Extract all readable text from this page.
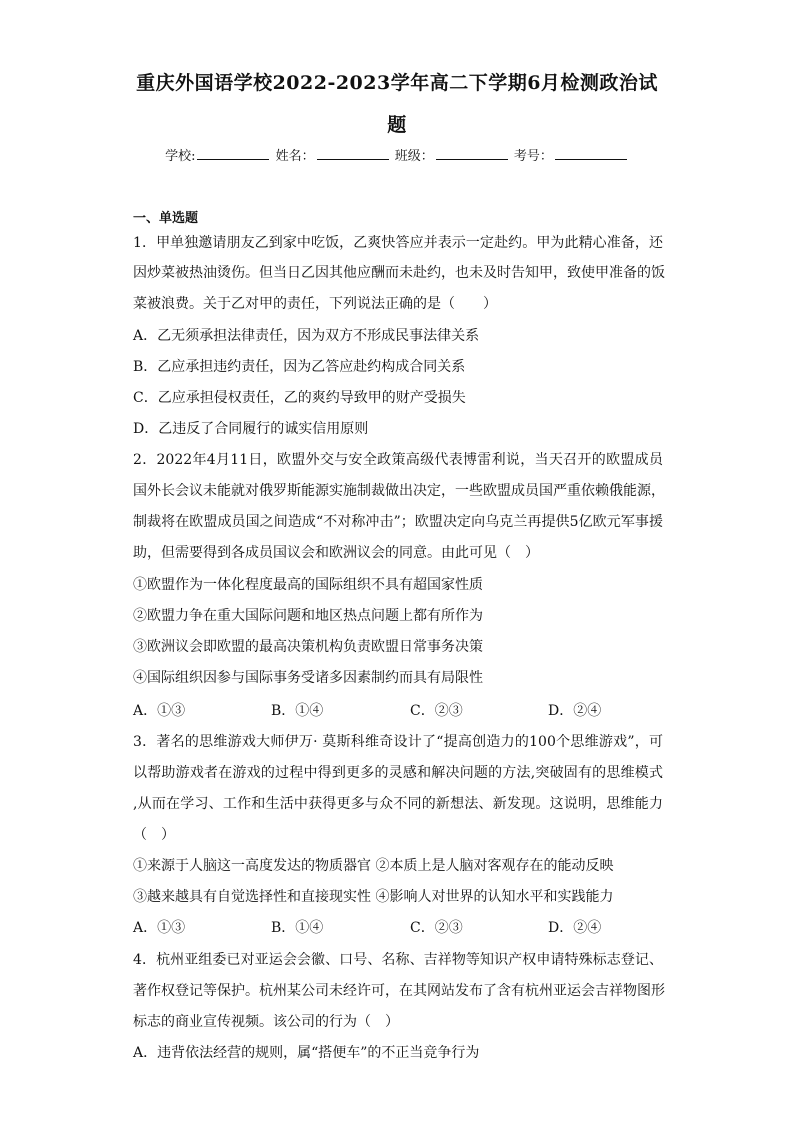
重庆外国语学校2022-2023学年高二下学期6月检测政治试
题
学校:	姓名：	班级：	考号：
一、单选题
1．甲单独邀请朋友乙到家中吃饭，乙爽快答应并表示一定赴约。甲为此精心准备，还
因炒菜被热油烫伤。但当日乙因其他应酬而未赴约，也未及时告知甲，致使甲准备的饭
菜被浪费。关于乙对甲的责任，下列说法正确的是（　　）
A．乙无须承担法律责任，因为双方不形成民事法律关系
B．乙应承担违约责任，因为乙答应赴约构成合同关系
C．乙应承担侵权责任，乙的爽约导致甲的财产受损失
D．乙违反了合同履行的诚实信用原则
2．2022年4月11日，欧盟外交与安全政策高级代表博雷利说，当天召开的欧盟成员
国外长会议未能就对俄罗斯能源实施制裁做出决定，一些欧盟成员国严重依赖俄能源，
制裁将在欧盟成员国之间造成“不对称冲击”；欧盟决定向乌克兰再提供5亿欧元军事援
助，但需要得到各成员国议会和欧洲议会的同意。由此可见（　）
①欧盟作为一体化程度最高的国际组织不具有超国家性质
②欧盟力争在重大国际问题和地区热点问题上都有所作为
③欧洲议会即欧盟的最高决策机构负责欧盟日常事务决策
④国际组织因参与国际事务受诸多因素制约而具有局限性
A．①③	B．①④	C．②③	D．②④
3．著名的思维游戏大师伊万· 莫斯科维奇设计了“提高创造力的100个思维游戏”，可
以帮助游戏者在游戏的过程中得到更多的灵感和解决问题的方法,突破固有的思维模式
,从而在学习、工作和生活中获得更多与众不同的新想法、新发现。这说明，思维能力
（　）
①来源于人脑这一高度发达的物质器官 ②本质上是人脑对客观存在的能动反映
③越来越具有自觉选择性和直接现实性 ④影响人对世界的认知水平和实践能力
A．①③	B．①④	C．②③	D．②④
4．杭州亚组委已对亚运会会徽、口号、名称、吉祥物等知识产权申请特殊标志登记、
著作权登记等保护。杭州某公司未经许可，在其网站发布了含有杭州亚运会吉祥物图形
标志的商业宣传视频。该公司的行为（　）
A．违背依法经营的规则，属“搭便车”的不正当竞争行为
